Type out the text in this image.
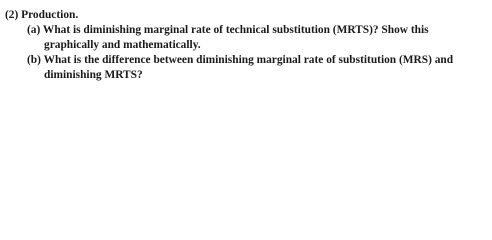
(2) Production.
(a) What is diminishing marginal rate of technical substitution (MRTS)? Show this
graphically and mathematically.
(b) What is the difference between diminishing marginal rate of substitution (MRS) and
diminishing MRTS?
